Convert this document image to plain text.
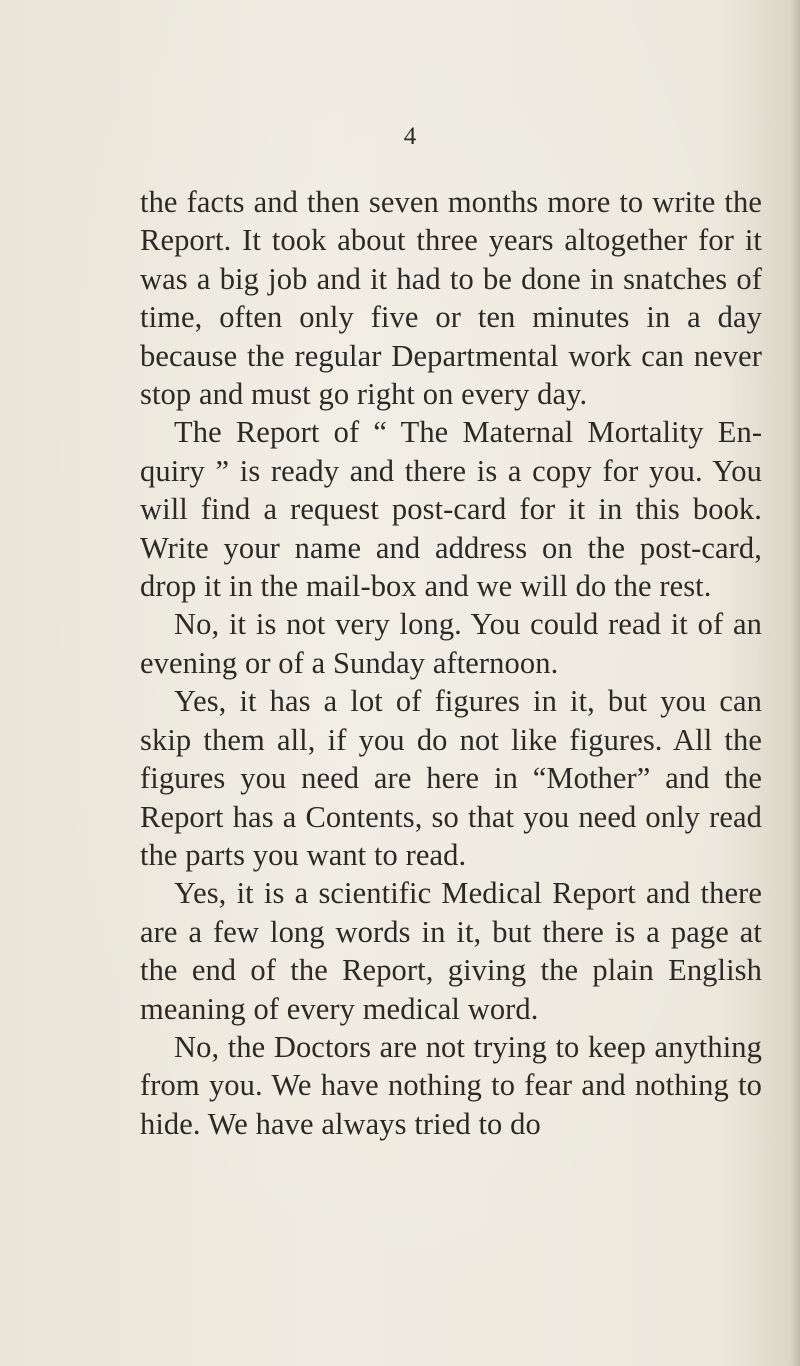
4

the facts and then seven months more to write the Report. It took about three years altogether for it was a big job and it had to be done in snatches of time, often only five or ten minutes in a day because the regular Departmental work can never stop and must go right on every day.

The Report of “ The Maternal Mortality Enquiry ” is ready and there is a copy for you. You will find a request post-card for it in this book. Write your name and address on the post-card, drop it in the mail-box and we will do the rest.

No, it is not very long. You could read it of an evening or of a Sunday afternoon.

Yes, it has a lot of figures in it, but you can skip them all, if you do not like figures. All the figures you need are here in “Mother” and the Report has a Contents, so that you need only read the parts you want to read.

Yes, it is a scientific Medical Report and there are a few long words in it, but there is a page at the end of the Report, giving the plain English meaning of every medical word.

No, the Doctors are not trying to keep anything from you. We have nothing to fear and nothing to hide. We have always tried to do
